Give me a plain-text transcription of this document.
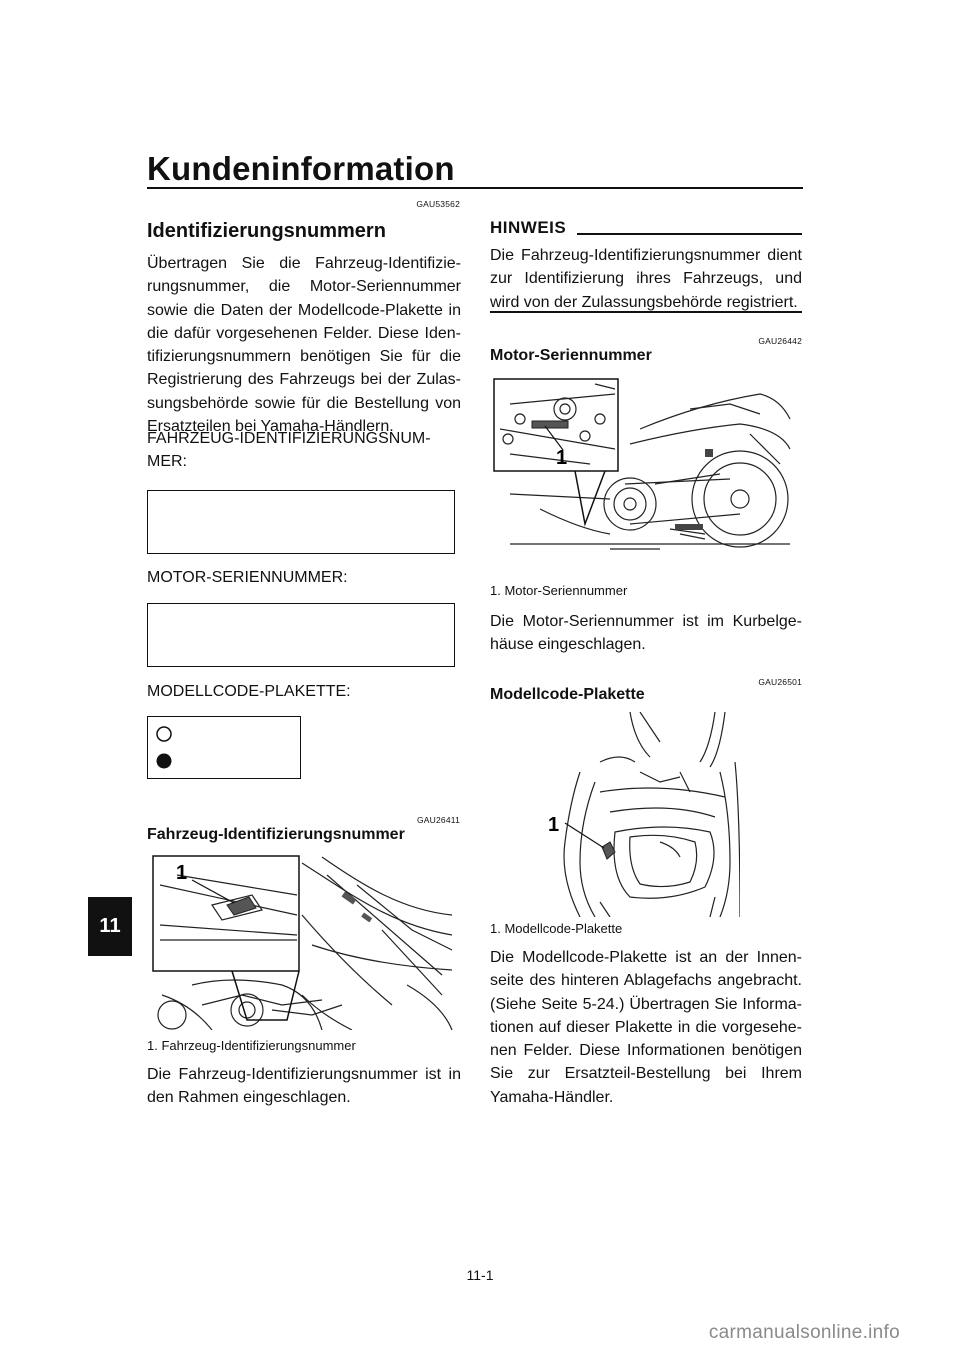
Kundeninformation
11
GAU53562
Identifizierungsnummern
Übertragen Sie die Fahrzeug-Identifizie-rungsnummer, die Motor-Seriennummer sowie die Daten der Modellcode-Plakette in die dafür vorgesehenen Felder. Diese Iden-tifizierungsnummern benötigen Sie für die Registrierung des Fahrzeugs bei der Zulas-sungsbehörde sowie für die Bestellung von Ersatzteilen bei Yamaha-Händlern.
FAHRZEUG-IDENTIFIZIERUNGSNUM-
MER:
MOTOR-SERIENNUMMER:
MODELLCODE-PLAKETTE:
GAU26411
Fahrzeug-Identifizierungsnummer
1
1. Fahrzeug-Identifizierungsnummer
Die Fahrzeug-Identifizierungsnummer ist in den Rahmen eingeschlagen.
HINWEIS
Die Fahrzeug-Identifizierungsnummer dient zur Identifizierung ihres Fahrzeugs, und wird von der Zulassungsbehörde registriert.
GAU26442
Motor-Seriennummer
1
1. Motor-Seriennummer
Die Motor-Seriennummer ist im Kurbelge-häuse eingeschlagen.
GAU26501
Modellcode-Plakette
1
1. Modellcode-Plakette
Die Modellcode-Plakette ist an der Innen-seite des hinteren Ablagefachs angebracht. (Siehe Seite 5-24.) Übertragen Sie Informa-tionen auf dieser Plakette in die vorgesehe-nen Felder. Diese Informationen benötigen Sie zur Ersatzteil-Bestellung bei Ihrem Yamaha-Händler.
11-1
carmanualsonline.info
